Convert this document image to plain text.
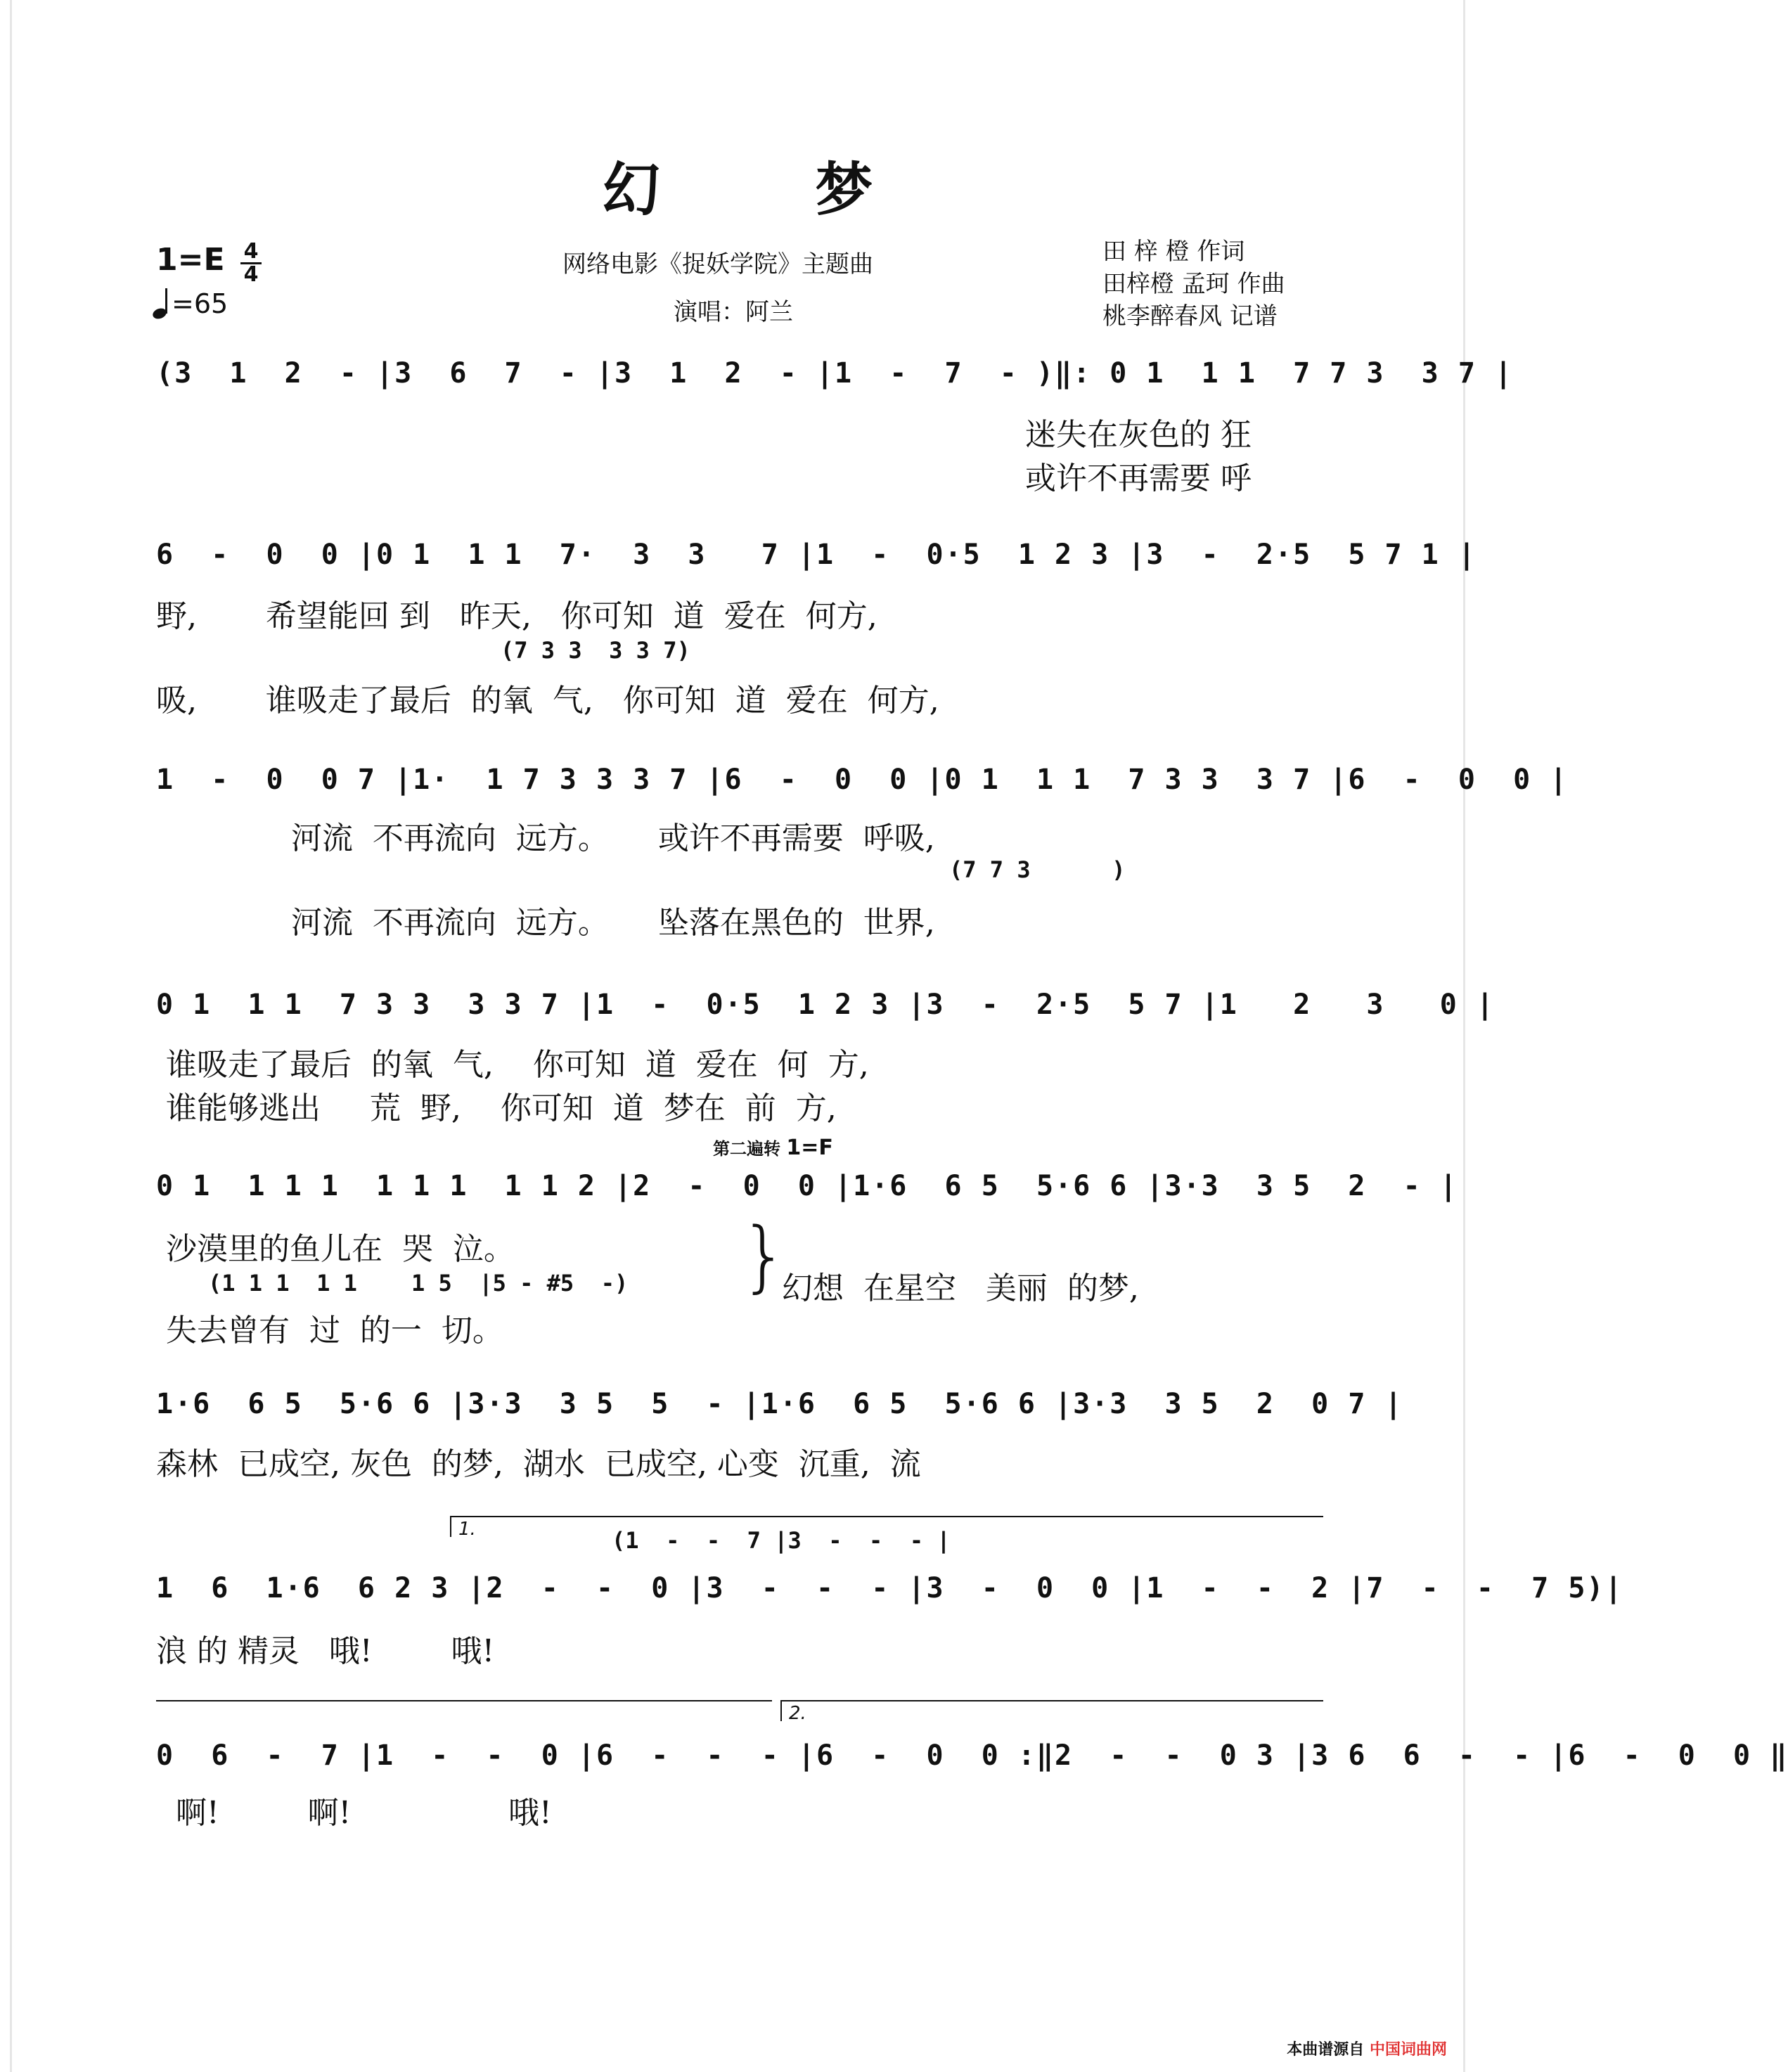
幻 梦
1=E 4
4
=65
网络电影《捉妖学院》主题曲
演唱：阿兰
田 梓 橙 作词
田梓橙 孟珂 作曲
桃李醉春风 记谱
(3  1  2  - |3  6  7  - |3  1  2  - |1  -  7  - )‖: 0 1  1 1  7 7 3  3 7 |
迷失在灰色的 狂
或许不再需要 呼
6  -  0  0 |0 1  1 1  7·  3  3   7 |1  -  0·5  1 2 3 |3  -  2·5  5 7 1 |
野,       希望能回 到   昨天,   你可知  道  爱在  何方,
(7 3 3  3 3 7)
吸,       谁吸走了最后  的氧  气,   你可知  道  爱在  何方,
1  -  0  0 7 |1·  1 7 3 3 3 7 |6  -  0  0 |0 1  1 1  7 3 3  3 7 |6  -  0  0 |
河流  不再流向  远方。     或许不再需要  呼吸,
(7 7 3      )
河流  不再流向  远方。     坠落在黑色的  世界,
0 1  1 1  7 3 3  3 3 7 |1  -  0·5  1 2 3 |3  -  2·5  5 7 |1   2   3   0 |
谁吸走了最后  的氧  气,    你可知  道  爱在  何  方,
谁能够逃出     荒  野,    你可知  道  梦在  前  方,
第二遍转 1=F
0 1  1 1 1  1 1 1  1 1 2 |2  -  0  0 |1·6  6 5  5·6 6 |3·3  3 5  2  - |
沙漠里的鱼儿在  哭  泣。
(1 1 1  1 1    1 5  |5 - #5  -)
失去曾有  过  的一  切。
}
幻想  在星空   美丽  的梦,
1·6  6 5  5·6 6 |3·3  3 5  5  - |1·6  6 5  5·6 6 |3·3  3 5  2  0 7 |
森林  已成空, 灰色  的梦,  湖水  已成空, 心变  沉重,  流
1.	(1  -  -  7 |3  -  -  - |
1  6  1·6  6 2 3 |2  -  -  0 |3  -  -  - |3  -  0  0 |1  -  -  2 |7  -  -  7 5)|
浪 的 精灵   哦!        哦!
2.
0  6  -  7 |1  -  -  0 |6  -  -  - |6  -  0  0 :‖2  -  -  0 3 |3 6  6  -  - |6  -  0  0 ‖
啊!         啊!                哦!
本曲谱源自 中国词曲网
